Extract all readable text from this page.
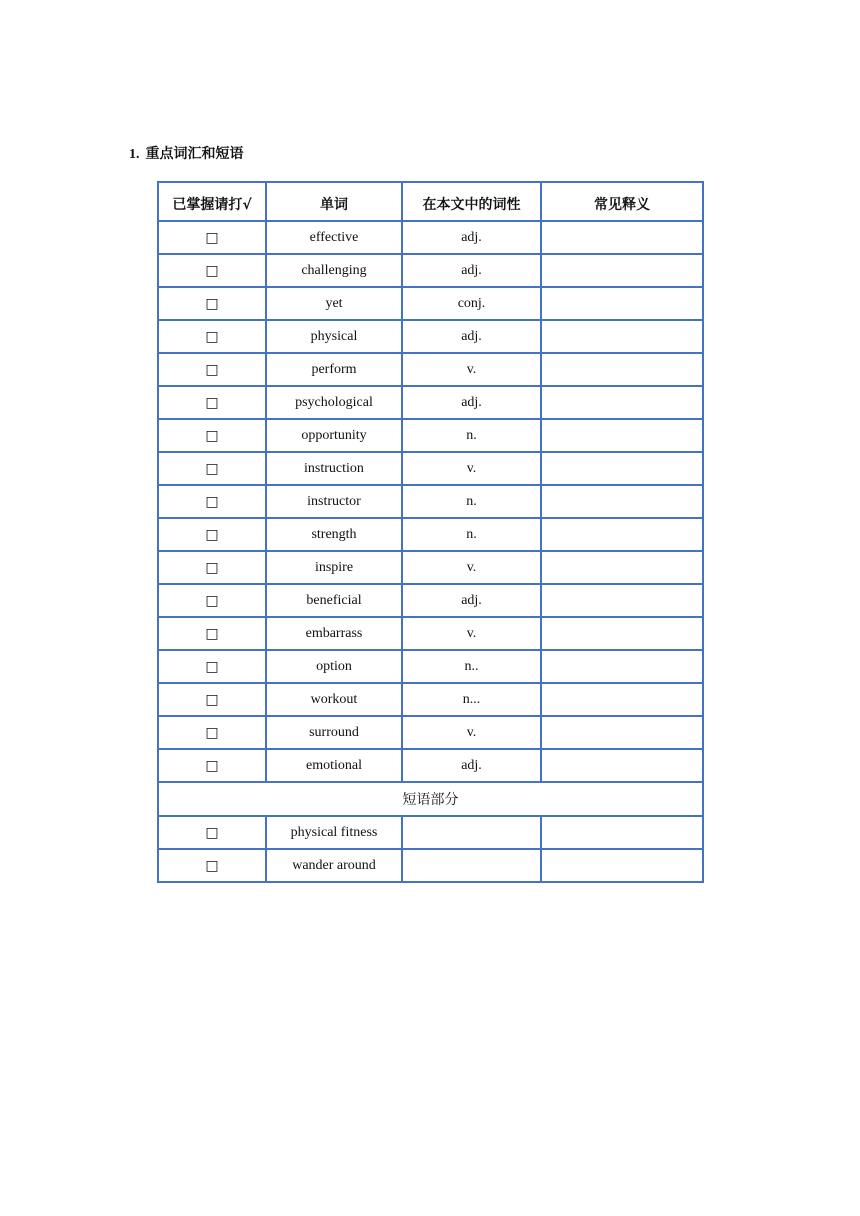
1. 重点词汇和短语
已掌握请打√	单词	在本文中的词性	常见释义
□	effective	adj.	
□	challenging	adj.	
□	yet	conj.	
□	physical	adj.	
□	perform	v.	
□	psychological	adj.	
□	opportunity	n.	
□	instruction	v.	
□	instructor	n.	
□	strength	n.	
□	inspire	v.	
□	beneficial	adj.	
□	embarrass	v.	
□	option	n..	
□	workout	n...	
□	surround	v.	
□	emotional	adj.	
短语部分			
□	physical fitness		
□	wander around		
